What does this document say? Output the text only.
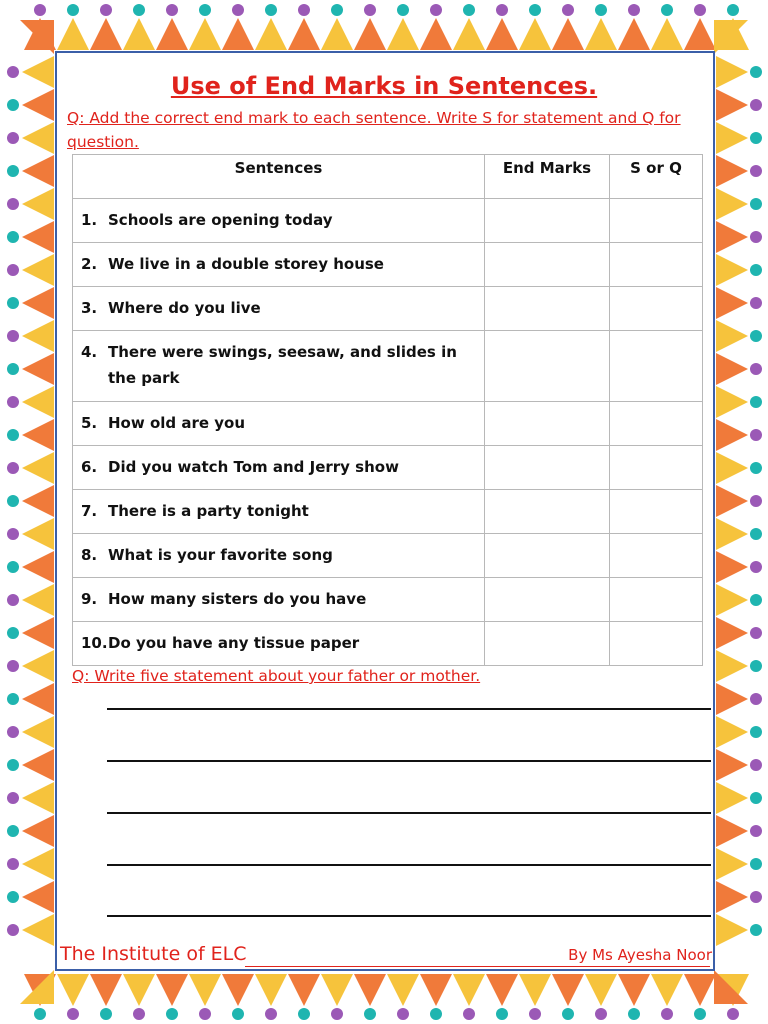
Use of End Marks in Sentences.
Q: Add the correct end mark to each sentence. Write S for statement and Q for question.
Sentences	End Marks	S or Q
1. Schools are opening today		
2. We live in a double storey house		
3. Where do you live		

4. There were swings, seesaw, and slides in the park		

5. How old are you		
6. Did you watch Tom and Jerry show		
7. There is a party tonight		
8. What is your favorite song		
9. How many sisters do you have		
10.Do you have any tissue paper		
Q: Write five statement about your father or mother.
The Institute of ELC	By Ms Ayesha Noor
